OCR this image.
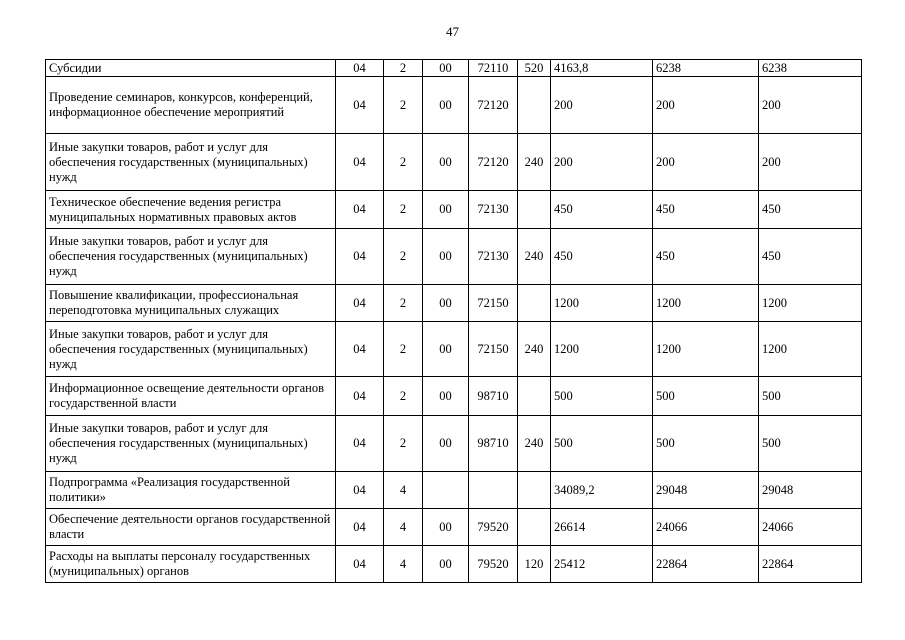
47
Субсидии	04	2	00	72110	520	4163,8	6238	6238
Проведение семинаров, конкурсов, конференций, информационное обеспечение мероприятий	04	2	00	72120		200	200	200
Иные закупки товаров, работ и услуг для обеспечения государственных (муниципальных) нужд	04	2	00	72120	240	200	200	200
Техническое обеспечение ведения регистра муниципальных нормативных правовых актов	04	2	00	72130		450	450	450
Иные закупки товаров, работ и услуг для обеспечения государственных (муниципальных) нужд	04	2	00	72130	240	450	450	450
Повышение квалификации, профессиональная переподготовка муниципальных служащих	04	2	00	72150		1200	1200	1200
Иные закупки товаров, работ и услуг для обеспечения государственных (муниципальных) нужд	04	2	00	72150	240	1200	1200	1200
Информационное освещение деятельности органов государственной власти	04	2	00	98710		500	500	500
Иные закупки товаров, работ и услуг для обеспечения государственных (муниципальных) нужд	04	2	00	98710	240	500	500	500
Подпрограмма «Реализация государственной политики»	04	4				34089,2	29048	29048
Обеспечение деятельности органов государственной власти	04	4	00	79520		26614	24066	24066
Расходы на выплаты персоналу государственных (муниципальных) органов	04	4	00	79520	120	25412	22864	22864
